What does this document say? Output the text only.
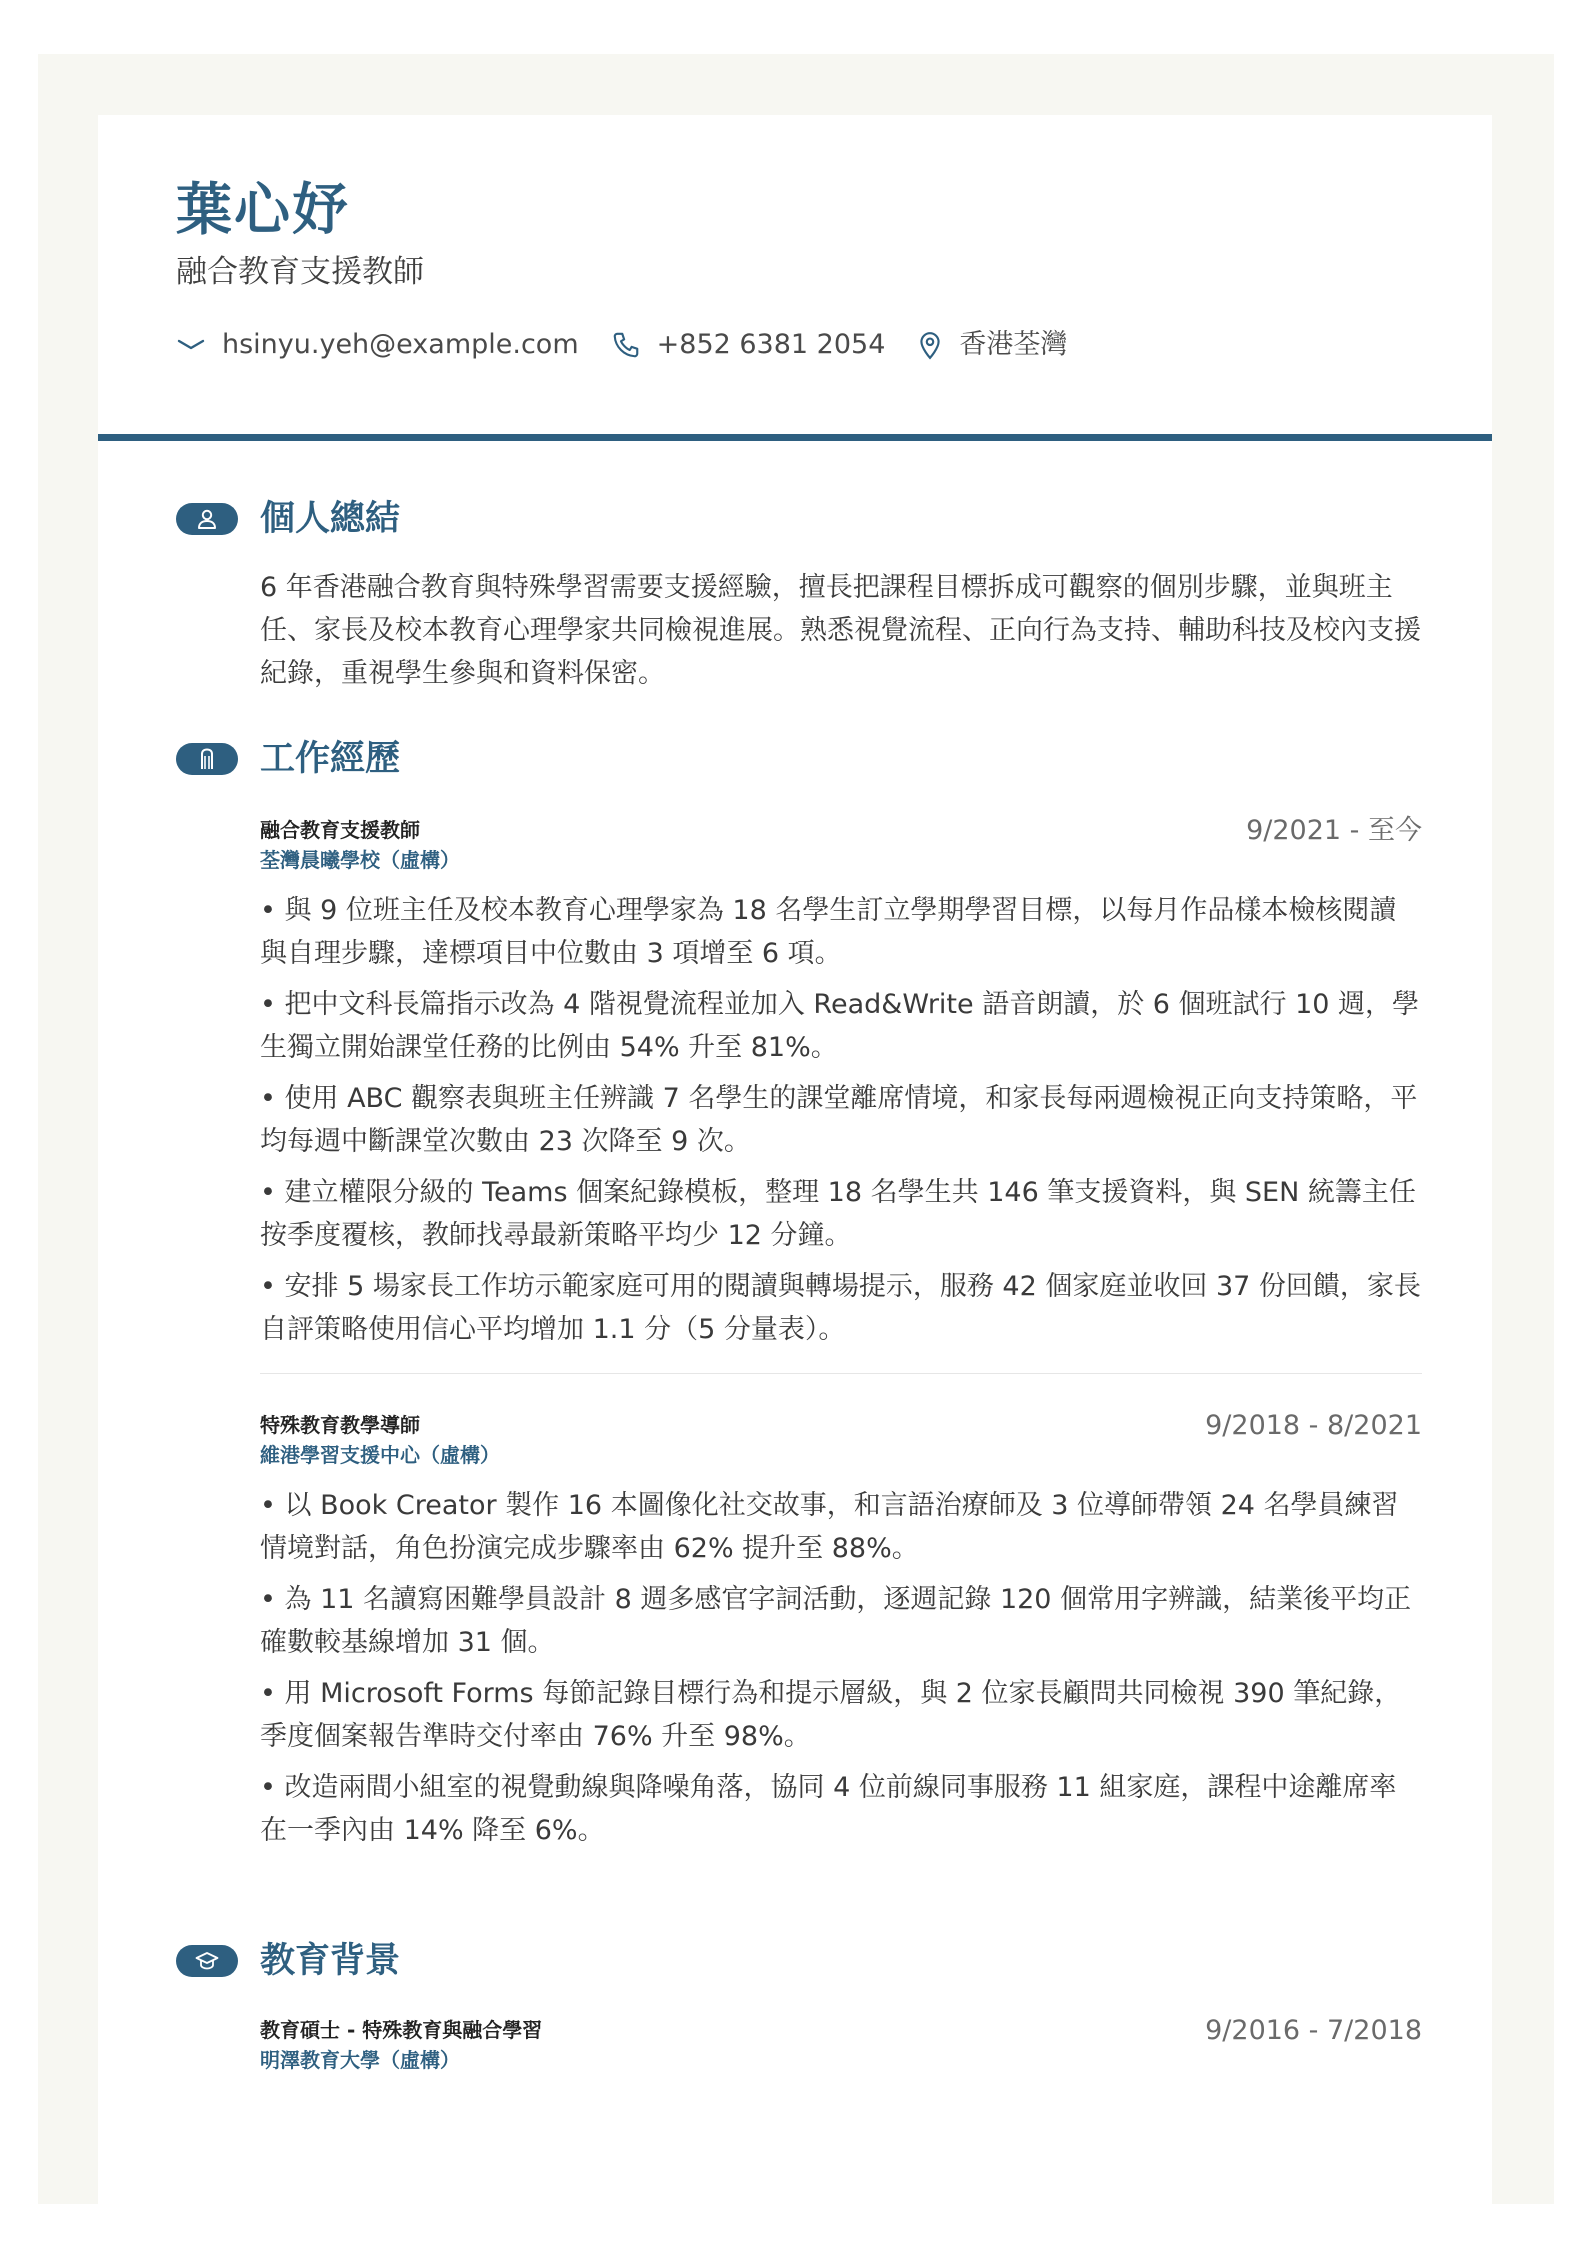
葉心妤
融合教育支援教師
hsinyu.yeh@example.com	+852 6381 2054	香港荃灣
個人總結
6 年香港融合教育與特殊學習需要支援經驗，擅長把課程目標拆成可觀察的個別步驟，並與班主任、家長及校本教育心理學家共同檢視進展。熟悉視覺流程、正向行為支持、輔助科技及校內支援紀錄，重視學生參與和資料保密。
工作經歷
融合教育支援教師
荃灣晨曦學校（虛構）
9/2021 - 至今
• 與 9 位班主任及校本教育心理學家為 18 名學生訂立學期學習目標，以每月作品樣本檢核閱讀與自理步驟，達標項目中位數由 3 項增至 6 項。
• 把中文科長篇指示改為 4 階視覺流程並加入 Read&Write 語音朗讀，於 6 個班試行 10 週，學生獨立開始課堂任務的比例由 54% 升至 81%。
• 使用 ABC 觀察表與班主任辨識 7 名學生的課堂離席情境，和家長每兩週檢視正向支持策略，平均每週中斷課堂次數由 23 次降至 9 次。
• 建立權限分級的 Teams 個案紀錄模板，整理 18 名學生共 146 筆支援資料，與 SEN 統籌主任按季度覆核，教師找尋最新策略平均少 12 分鐘。
• 安排 5 場家長工作坊示範家庭可用的閱讀與轉場提示，服務 42 個家庭並收回 37 份回饋，家長自評策略使用信心平均增加 1.1 分（5 分量表）。
特殊教育教學導師
維港學習支援中心（虛構）
9/2018 - 8/2021
• 以 Book Creator 製作 16 本圖像化社交故事，和言語治療師及 3 位導師帶領 24 名學員練習情境對話，角色扮演完成步驟率由 62% 提升至 88%。
• 為 11 名讀寫困難學員設計 8 週多感官字詞活動，逐週記錄 120 個常用字辨識，結業後平均正確數較基線增加 31 個。
• 用 Microsoft Forms 每節記錄目標行為和提示層級，與 2 位家長顧問共同檢視 390 筆紀錄，季度個案報告準時交付率由 76% 升至 98%。
• 改造兩間小組室的視覺動線與降噪角落，協同 4 位前線同事服務 11 組家庭，課程中途離席率在一季內由 14% 降至 6%。
教育背景
教育碩士 - 特殊教育與融合學習
明澤教育大學（虛構）
9/2016 - 7/2018
